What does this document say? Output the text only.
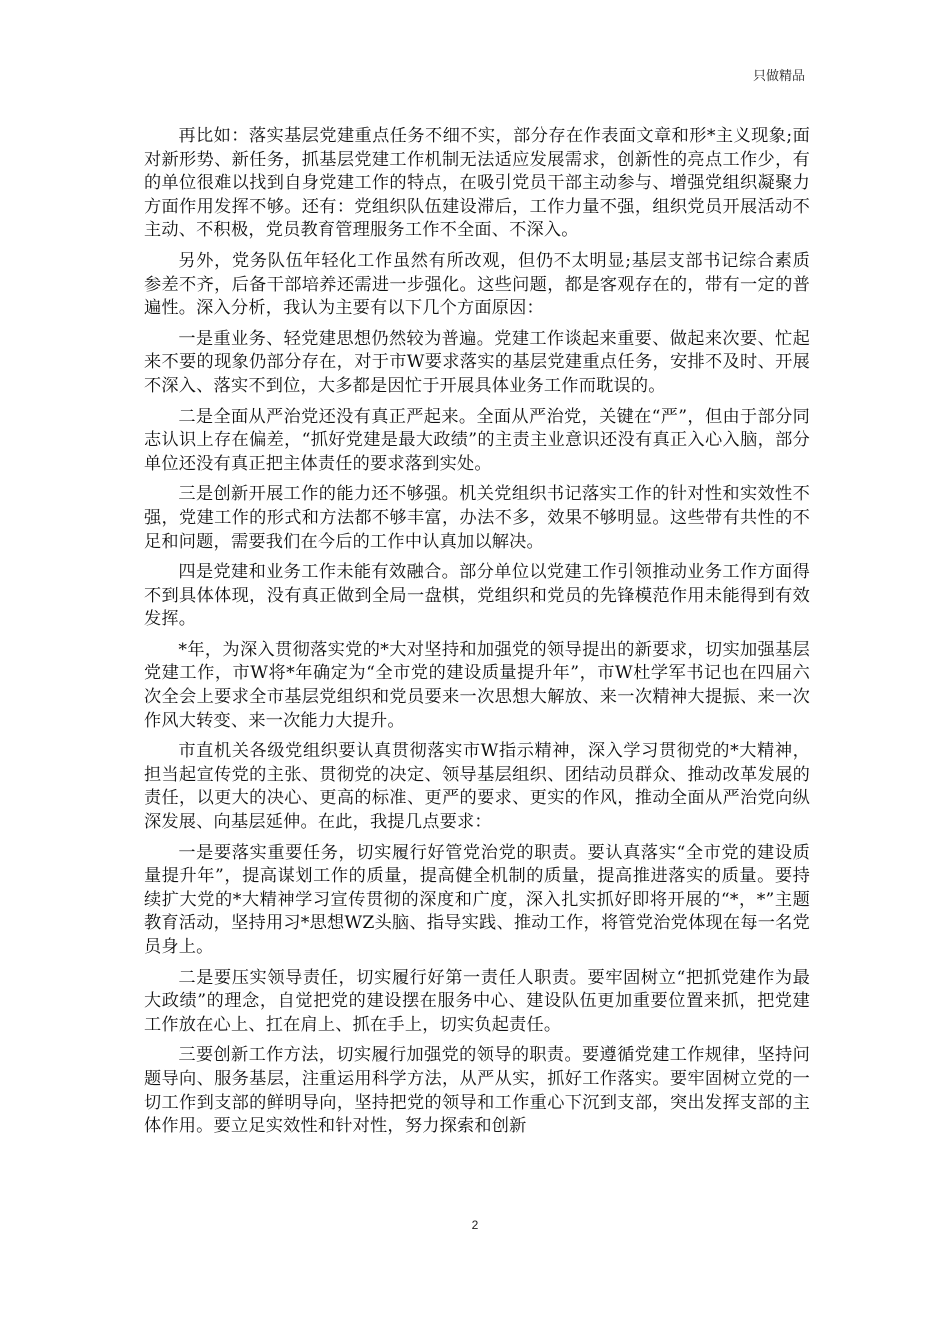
只做精品

再比如：落实基层党建重点任务不细不实，部分存在作表面文章和形*主义现象;面对新形势、新任务，抓基层党建工作机制无法适应发展需求，创新性的亮点工作少，有的单位很难以找到自身党建工作的特点，在吸引党员干部主动参与、增强党组织凝聚力方面作用发挥不够。还有：党组织队伍建设滞后，工作力量不强，组织党员开展活动不主动、不积极，党员教育管理服务工作不全面、不深入。

另外，党务队伍年轻化工作虽然有所改观，但仍不太明显;基层支部书记综合素质参差不齐，后备干部培养还需进一步强化。这些问题，都是客观存在的，带有一定的普遍性。深入分析，我认为主要有以下几个方面原因：

一是重业务、轻党建思想仍然较为普遍。党建工作谈起来重要、做起来次要、忙起来不要的现象仍部分存在，对于市W要求落实的基层党建重点任务，安排不及时、开展不深入、落实不到位，大多都是因忙于开展具体业务工作而耽误的。

二是全面从严治党还没有真正严起来。全面从严治党，关键在“严”，但由于部分同志认识上存在偏差，“抓好党建是最大政绩”的主责主业意识还没有真正入心入脑，部分单位还没有真正把主体责任的要求落到实处。

三是创新开展工作的能力还不够强。机关党组织书记落实工作的针对性和实效性不强，党建工作的形式和方法都不够丰富，办法不多，效果不够明显。这些带有共性的不足和问题，需要我们在今后的工作中认真加以解决。

四是党建和业务工作未能有效融合。部分单位以党建工作引领推动业务工作方面得不到具体体现，没有真正做到全局一盘棋，党组织和党员的先锋模范作用未能得到有效发挥。

*年，为深入贯彻落实党的*大对坚持和加强党的领导提出的新要求，切实加强基层党建工作，市W将*年确定为“全市党的建设质量提升年”，市W杜学军书记也在四届六次全会上要求全市基层党组织和党员要来一次思想大解放、来一次精神大提振、来一次作风大转变、来一次能力大提升。

市直机关各级党组织要认真贯彻落实市W指示精神，深入学习贯彻党的*大精神，担当起宣传党的主张、贯彻党的决定、领导基层组织、团结动员群众、推动改革发展的责任，以更大的决心、更高的标准、更严的要求、更实的作风，推动全面从严治党向纵深发展、向基层延伸。在此，我提几点要求：

一是要落实重要任务，切实履行好管党治党的职责。要认真落实“全市党的建设质量提升年”，提高谋划工作的质量，提高健全机制的质量，提高推进落实的质量。要持续扩大党的*大精神学习宣传贯彻的深度和广度，深入扎实抓好即将开展的“*，*”主题教育活动，坚持用习*思想WZ头脑、指导实践、推动工作，将管党治党体现在每一名党员身上。

二是要压实领导责任，切实履行好第一责任人职责。要牢固树立“把抓党建作为最大政绩”的理念，自觉把党的建设摆在服务中心、建设队伍更加重要位置来抓，把党建工作放在心上、扛在肩上、抓在手上，切实负起责任。

三要创新工作方法，切实履行加强党的领导的职责。要遵循党建工作规律，坚持问题导向、服务基层，注重运用科学方法，从严从实，抓好工作落实。要牢固树立党的一切工作到支部的鲜明导向，坚持把党的领导和工作重心下沉到支部，突出发挥支部的主体作用。要立足实效性和针对性，努力探索和创新

2
